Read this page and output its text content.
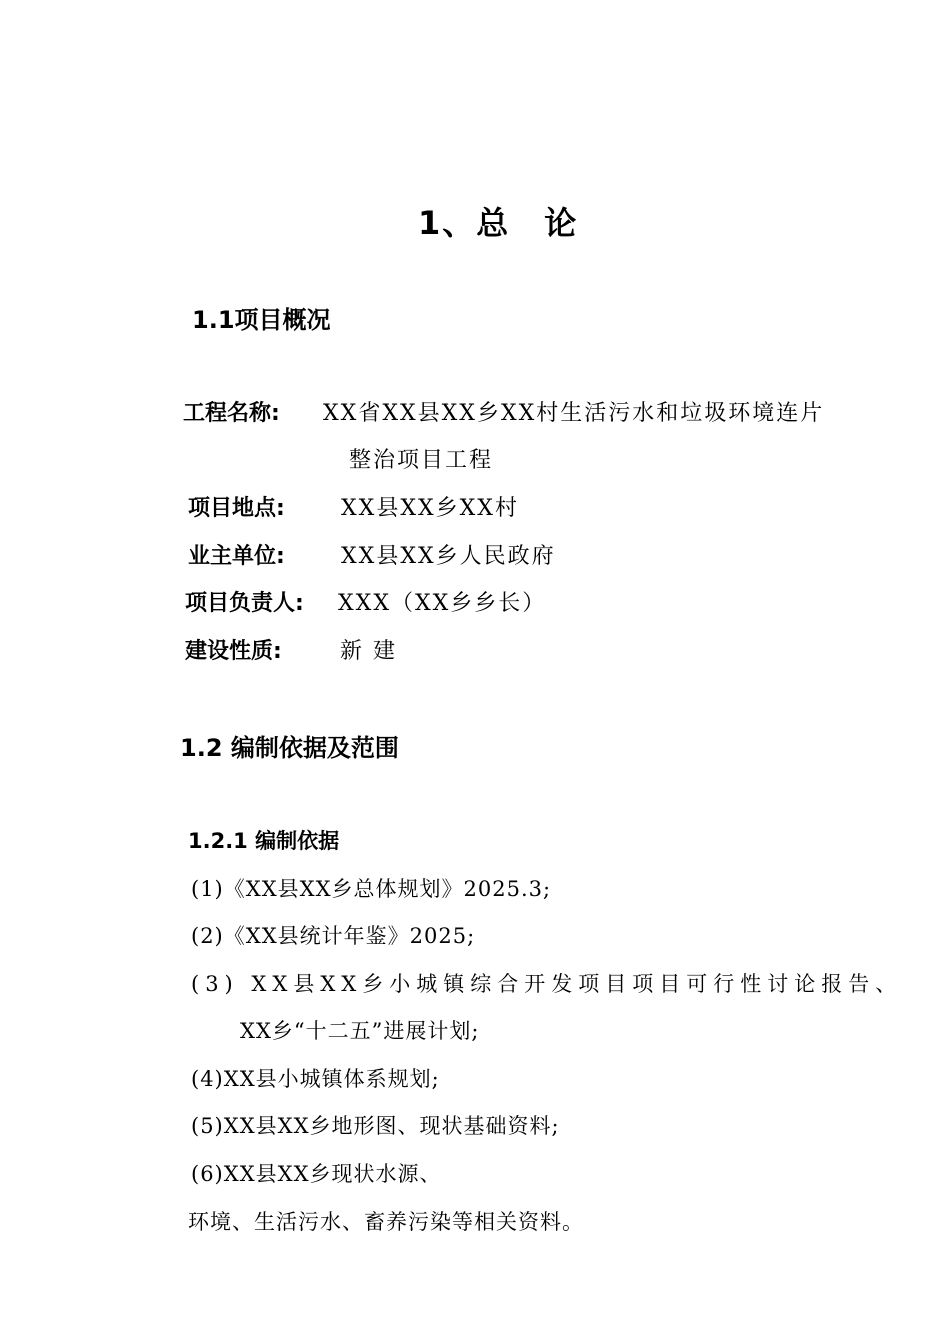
1、总　论
1.1项目概况
工程名称: XX省XX县XX乡XX村生活污水和垃圾环境连片
整治项目工程
项目地点:	XX县XX乡XX村
业主单位:	XX县XX乡人民政府
项目负责人: XXX（XX乡乡长）
建设性质:	新 建
1.2 编制依据及范围
1.2.1 编制依据
(1)《XX县XX乡总体规划》2025.3;
(2)《XX县统计年鉴》2025;
(3) XX县XX乡小城镇综合开发项目项目可行性讨论报告、
XX乡“十二五”进展计划;
(4)XX县小城镇体系规划;
(5)XX县XX乡地形图、现状基础资料;
(6)XX县XX乡现状水源、
环境、生活污水、畜养污染等相关资料。
